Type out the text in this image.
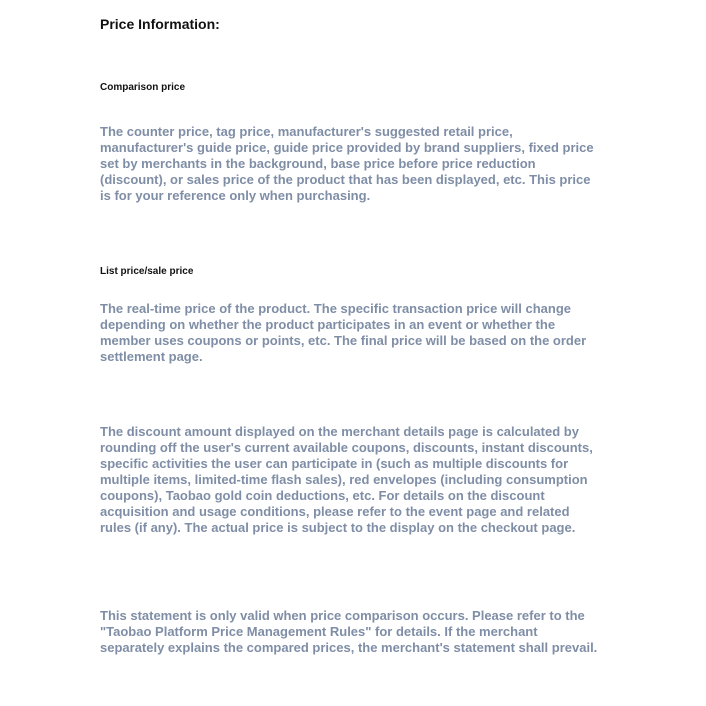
Price Information:
Comparison price
The counter price, tag price, manufacturer's suggested retail price, manufacturer's guide price, guide price provided by brand suppliers, fixed price set by merchants in the background, base price before price reduction (discount), or sales price of the product that has been displayed, etc. This price is for your reference only when purchasing.
List price/sale price
The real-time price of the product. The specific transaction price will change depending on whether the product participates in an event or whether the member uses coupons or points, etc. The final price will be based on the order settlement page.
The discount amount displayed on the merchant details page is calculated by rounding off the user's current available coupons, discounts, instant discounts, specific activities the user can participate in (such as multiple discounts for multiple items, limited-time flash sales), red envelopes (including consumption coupons), Taobao gold coin deductions, etc. For details on the discount acquisition and usage conditions, please refer to the event page and related rules (if any). The actual price is subject to the display on the checkout page.
This statement is only valid when price comparison occurs. Please refer to the "Taobao Platform Price Management Rules" for details. If the merchant separately explains the compared prices, the merchant's statement shall prevail.
